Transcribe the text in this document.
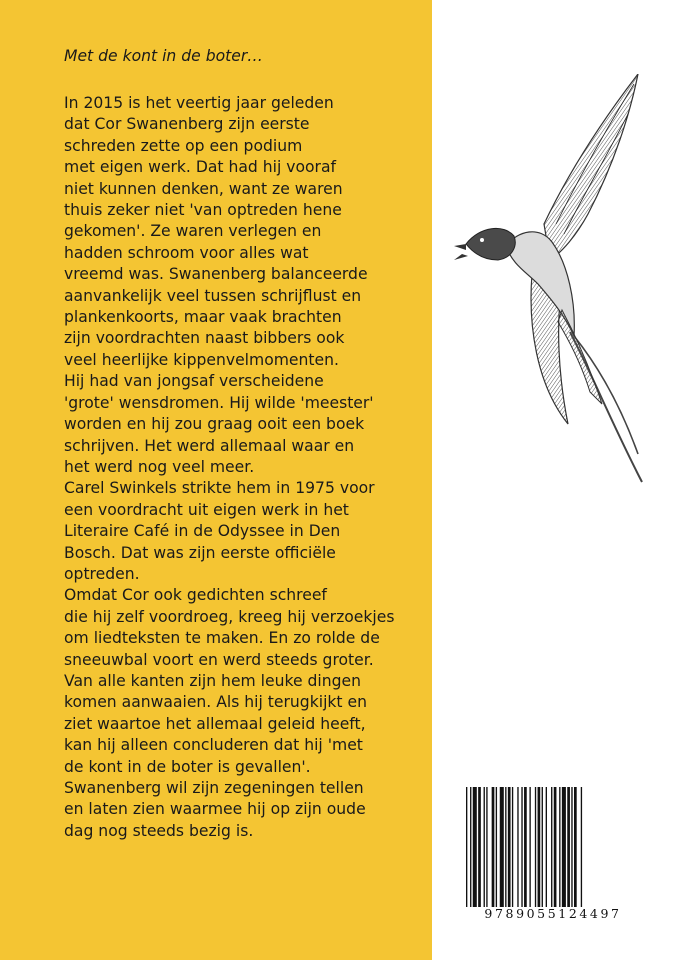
Met de kont in de boter…

In 2015 is het veertig jaar geleden
dat Cor Swanenberg zijn eerste
schreden zette op een podium
met eigen werk. Dat had hij vooraf
niet kunnen denken, want ze waren
thuis zeker niet 'van optreden hene
gekomen'. Ze waren verlegen en
hadden schroom voor alles wat
vreemd was. Swanenberg balanceerde
aanvankelijk veel tussen schrijflust en
plankenkoorts, maar vaak brachten
zijn voordrachten naast bibbers ook
veel heerlijke kippenvelmomenten.
Hij had van jongsaf verscheidene
'grote' wensdromen. Hij wilde 'meester'
worden en hij zou graag ooit een boek
schrijven. Het werd allemaal waar en
het werd nog veel meer.
Carel Swinkels strikte hem in 1975 voor
een voordracht uit eigen werk in het
Literaire Café in de Odyssee in Den
Bosch. Dat was zijn eerste officiële
optreden.
Omdat Cor ook gedichten schreef
die hij zelf voordroeg, kreeg hij verzoekjes
om liedteksten te maken. En zo rolde de
sneeuwbal voort en werd steeds groter.
Van alle kanten zijn hem leuke dingen
komen aanwaaien. Als hij terugkijkt en
ziet waartoe het allemaal geleid heeft,
kan hij alleen concluderen dat hij 'met
de kont in de boter is gevallen'.
Swanenberg wil zijn zegeningen tellen
en laten zien waarmee hij op zijn oude
dag nog steeds bezig is.
9789055124497
